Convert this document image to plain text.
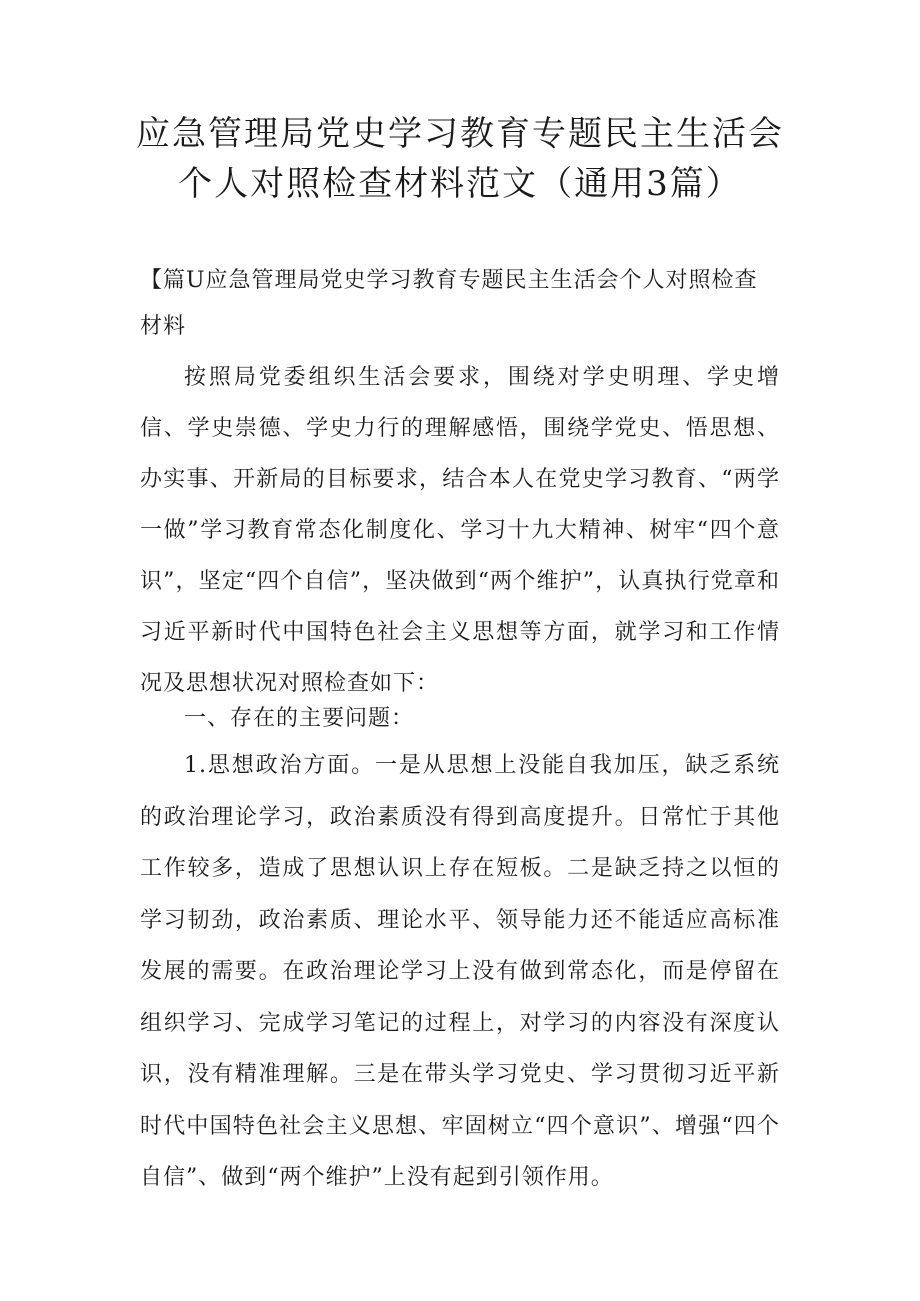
应急管理局党史学习教育专题民主生活会
个人对照检查材料范文（通用3篇）
【篇U应急管理局党史学习教育专题民主生活会个人对照检查材料
按照局党委组织生活会要求，围绕对学史明理、学史增信、学史崇德、学史力行的理解感悟，围绕学党史、悟思想、办实事、开新局的目标要求，结合本人在党史学习教育、“两学一做”学习教育常态化制度化、学习十九大精神、树牢“四个意识”，坚定“四个自信”，坚决做到“两个维护”，认真执行党章和习近平新时代中国特色社会主义思想等方面，就学习和工作情况及思想状况对照检查如下：
一、存在的主要问题：
1.思想政治方面。一是从思想上没能自我加压，缺乏系统的政治理论学习，政治素质没有得到高度提升。日常忙于其他工作较多，造成了思想认识上存在短板。二是缺乏持之以恒的学习韧劲，政治素质、理论水平、领导能力还不能适应高标准发展的需要。在政治理论学习上没有做到常态化，而是停留在组织学习、完成学习笔记的过程上，对学习的内容没有深度认识，没有精准理解。三是在带头学习党史、学习贯彻习近平新时代中国特色社会主义思想、牢固树立“四个意识”、增强“四个自信”、做到“两个维护”上没有起到引领作用。
